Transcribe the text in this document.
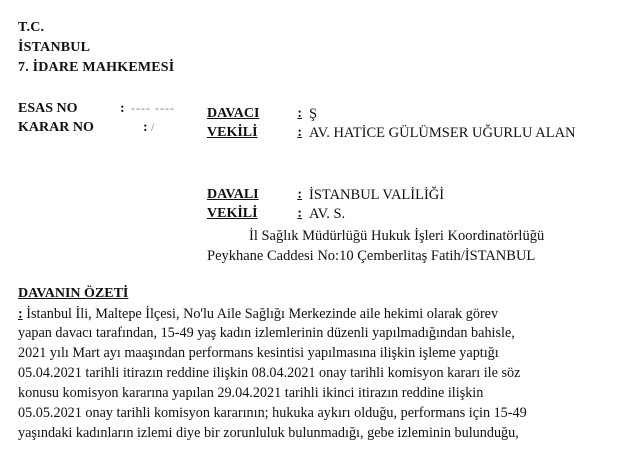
T.C.
İSTANBUL
7. İDARE MAHKEMESİ
ESAS NO	: ‐‐‐‐ ‐‐‐‐
KARAR NO	: /
DAVACI	: Ş
VEKİLİ	: AV. HATİCE GÜLÜMSER UĞURLU ALAN
DAVALI	: İSTANBUL VALİLİĞİ
VEKİLİ	: AV. S.
İl Sağlık Müdürlüğü Hukuk İşleri Koordinatörlüğü
Peykhane Caddesi No:10 Çemberlitaş Fatih/İSTANBUL
DAVANIN ÖZETİ
: İstanbul İli, Maltepe İlçesi, No'lu Aile Sağlığı Merkezinde aile hekimi olarak görev
yapan davacı tarafından, 15-49 yaş kadın izlemlerinin düzenli yapılmadığından bahisle,
2021 yılı Mart ayı maaşından performans kesintisi yapılmasına ilişkin işleme yaptığı
05.04.2021 tarihli itirazın reddine ilişkin 08.04.2021 onay tarihli komisyon kararı ile söz
konusu komisyon kararına yapılan 29.04.2021 tarihli ikinci itirazın reddine ilişkin
05.05.2021 onay tarihli komisyon kararının; hukuka aykırı olduğu, performans için 15-49
yaşındaki kadınların izlemi diye bir zorunluluk bulunmadığı, gebe izleminin bulunduğu,
